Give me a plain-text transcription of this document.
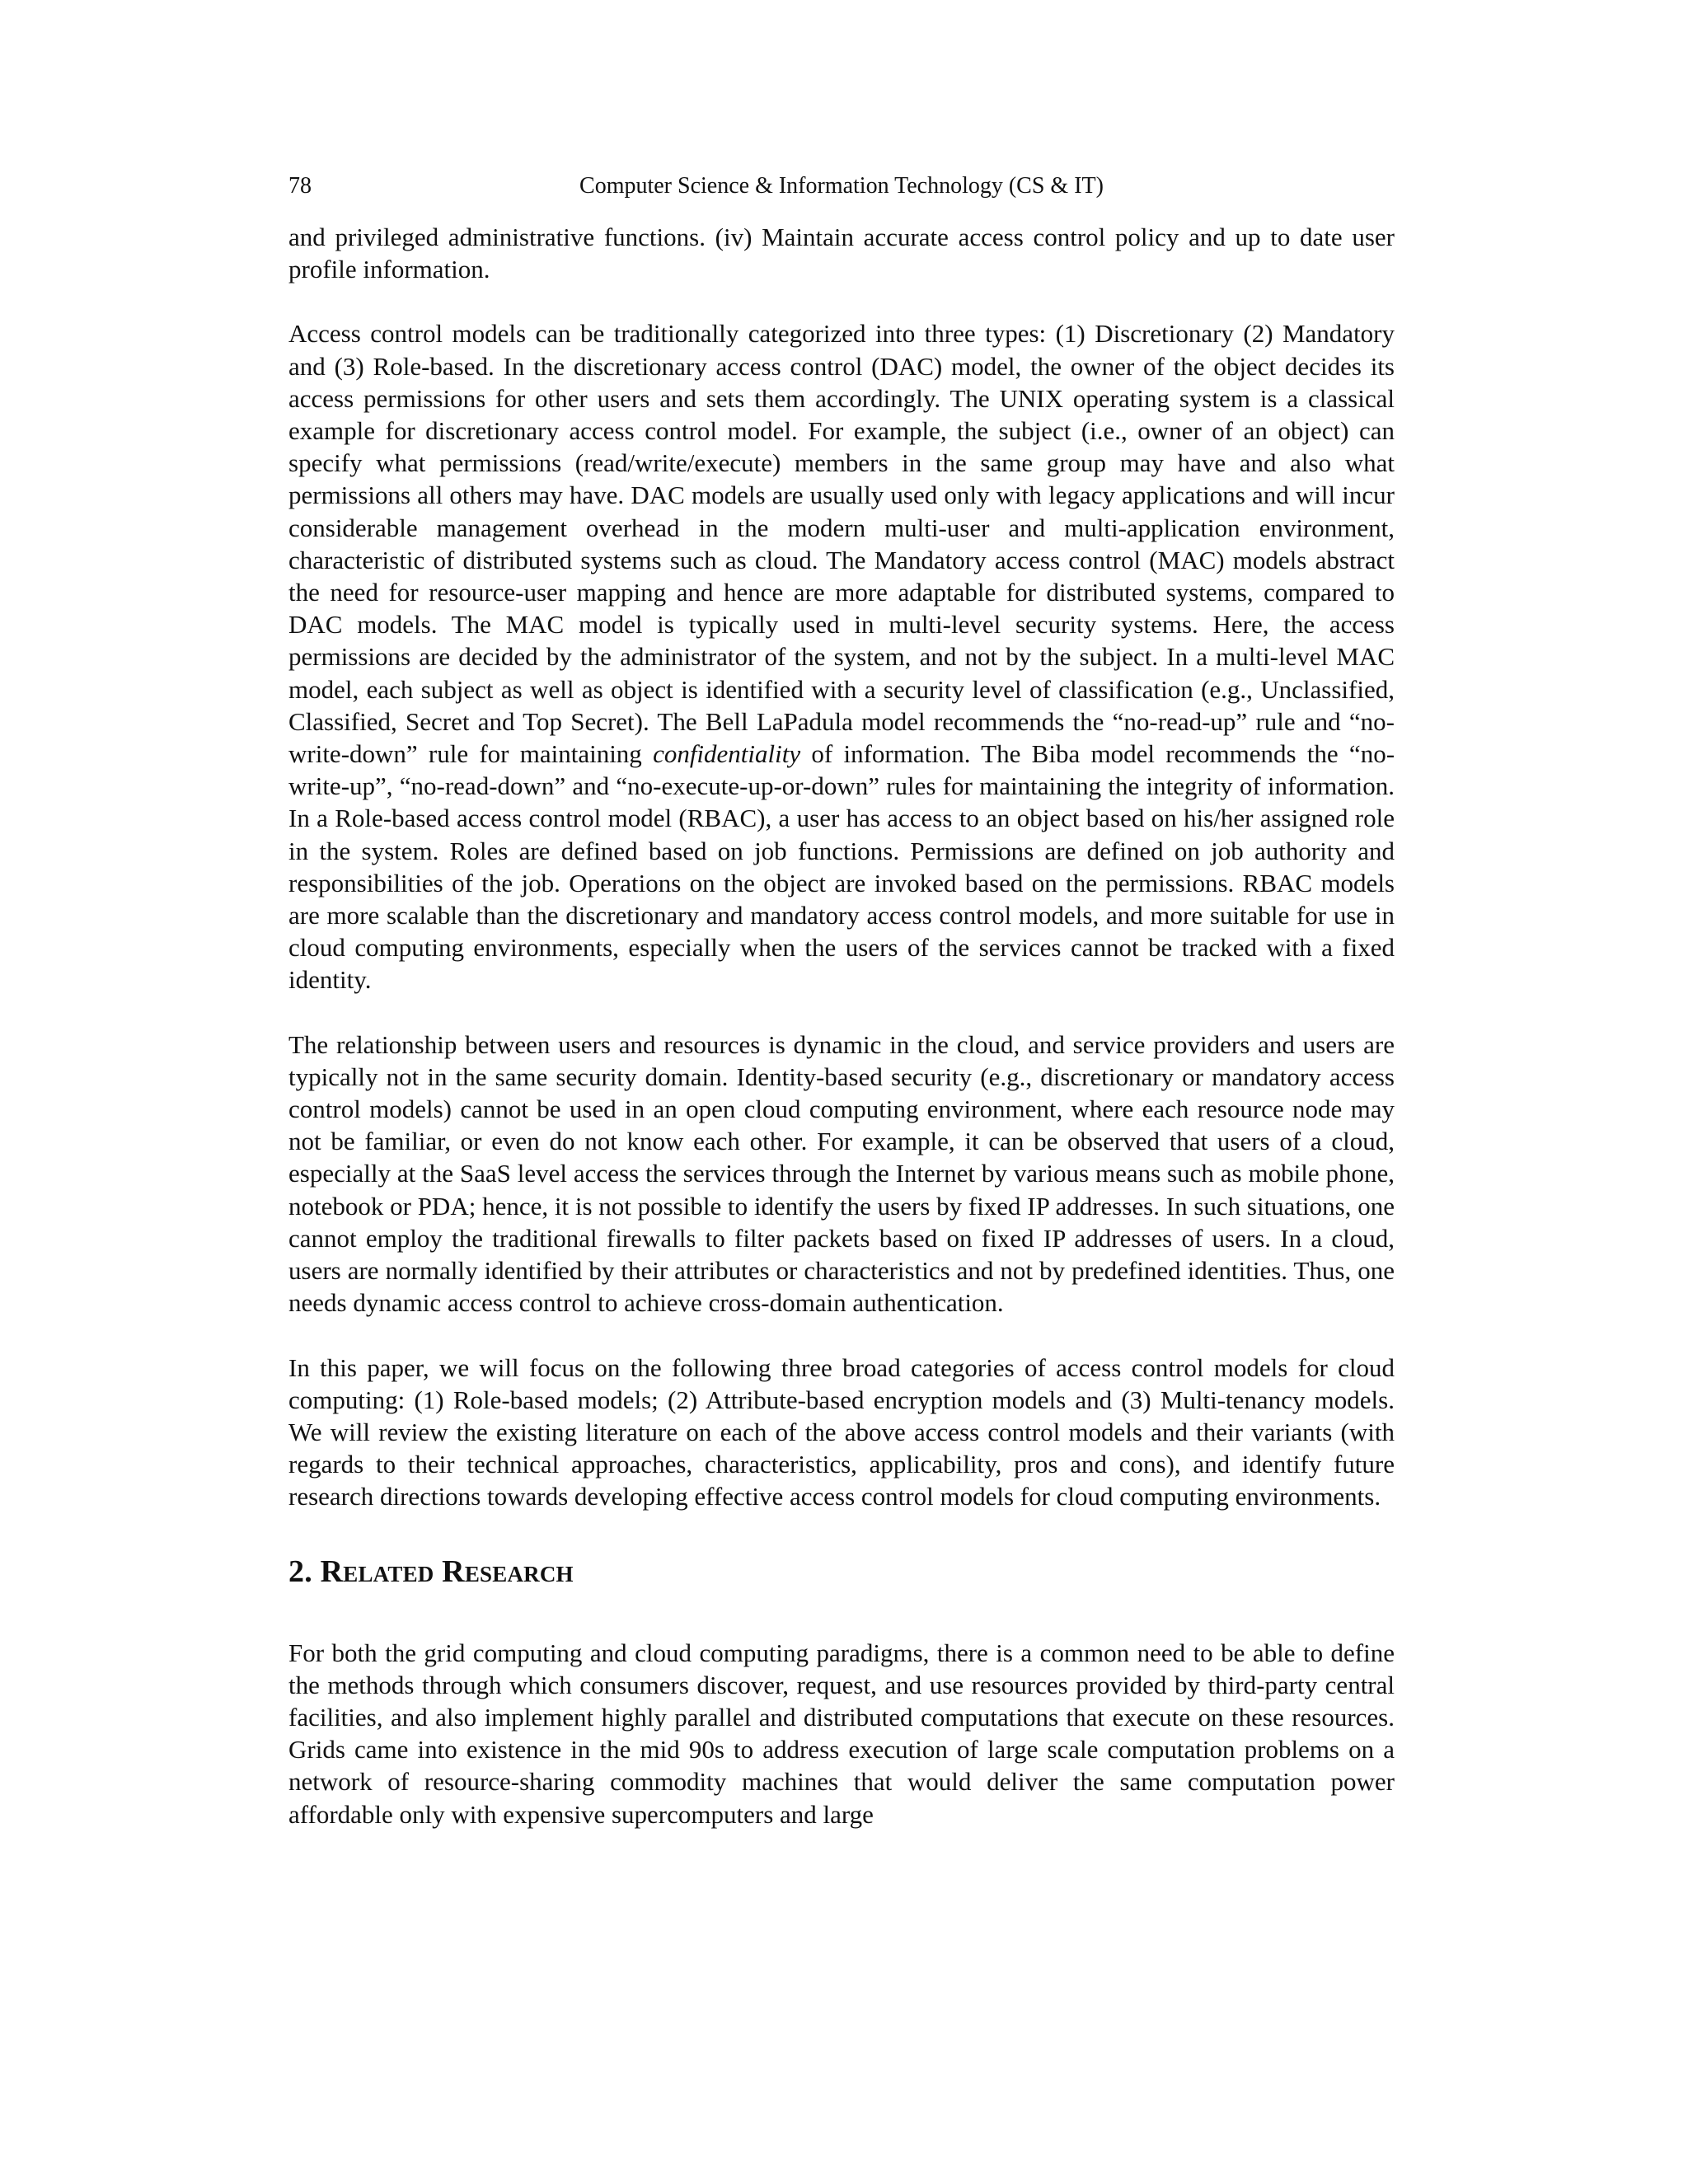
78	Computer Science & Information Technology (CS & IT)

and privileged administrative functions. (iv) Maintain accurate access control policy and up to date user profile information.

Access control models can be traditionally categorized into three types: (1) Discretionary (2) Mandatory and (3) Role-based. In the discretionary access control (DAC) model, the owner of the object decides its access permissions for other users and sets them accordingly. The UNIX operating system is a classical example for discretionary access control model. For example, the subject (i.e., owner of an object) can specify what permissions (read/write/execute) members in the same group may have and also what permissions all others may have. DAC models are usually used only with legacy applications and will incur considerable management overhead in the modern multi-user and multi-application environment, characteristic of distributed systems such as cloud. The Mandatory access control (MAC) models abstract the need for resource-user mapping and hence are more adaptable for distributed systems, compared to DAC models. The MAC model is typically used in multi-level security systems. Here, the access permissions are decided by the administrator of the system, and not by the subject. In a multi-level MAC model, each subject as well as object is identified with a security level of classification (e.g., Unclassified, Classified, Secret and Top Secret). The Bell LaPadula model recommends the “no-read-up” rule and “no-write-down” rule for maintaining confidentiality of information. The Biba model recommends the “no-write-up”, “no-read-down” and “no-execute-up-or-down” rules for maintaining the integrity of information. In a Role-based access control model (RBAC), a user has access to an object based on his/her assigned role in the system. Roles are defined based on job functions. Permissions are defined on job authority and responsibilities of the job. Operations on the object are invoked based on the permissions. RBAC models are more scalable than the discretionary and mandatory access control models, and more suitable for use in cloud computing environments, especially when the users of the services cannot be tracked with a fixed identity.

The relationship between users and resources is dynamic in the cloud, and service providers and users are typically not in the same security domain. Identity-based security (e.g., discretionary or mandatory access control models) cannot be used in an open cloud computing environment, where each resource node may not be familiar, or even do not know each other. For example, it can be observed that users of a cloud, especially at the SaaS level access the services through the Internet by various means such as mobile phone, notebook or PDA; hence, it is not possible to identify the users by fixed IP addresses. In such situations, one cannot employ the traditional firewalls to filter packets based on fixed IP addresses of users. In a cloud, users are normally identified by their attributes or characteristics and not by predefined identities. Thus, one needs dynamic access control to achieve cross-domain authentication.

In this paper, we will focus on the following three broad categories of access control models for cloud computing: (1) Role-based models; (2) Attribute-based encryption models and (3) Multi-tenancy models. We will review the existing literature on each of the above access control models and their variants (with regards to their technical approaches, characteristics, applicability, pros and cons), and identify future research directions towards developing effective access control models for cloud computing environments.

2. Related Research

For both the grid computing and cloud computing paradigms, there is a common need to be able to define the methods through which consumers discover, request, and use resources provided by third-party central facilities, and also implement highly parallel and distributed computations that execute on these resources. Grids came into existence in the mid 90s to address execution of large scale computation problems on a network of resource-sharing commodity machines that would deliver the same computation power affordable only with expensive supercomputers and large
